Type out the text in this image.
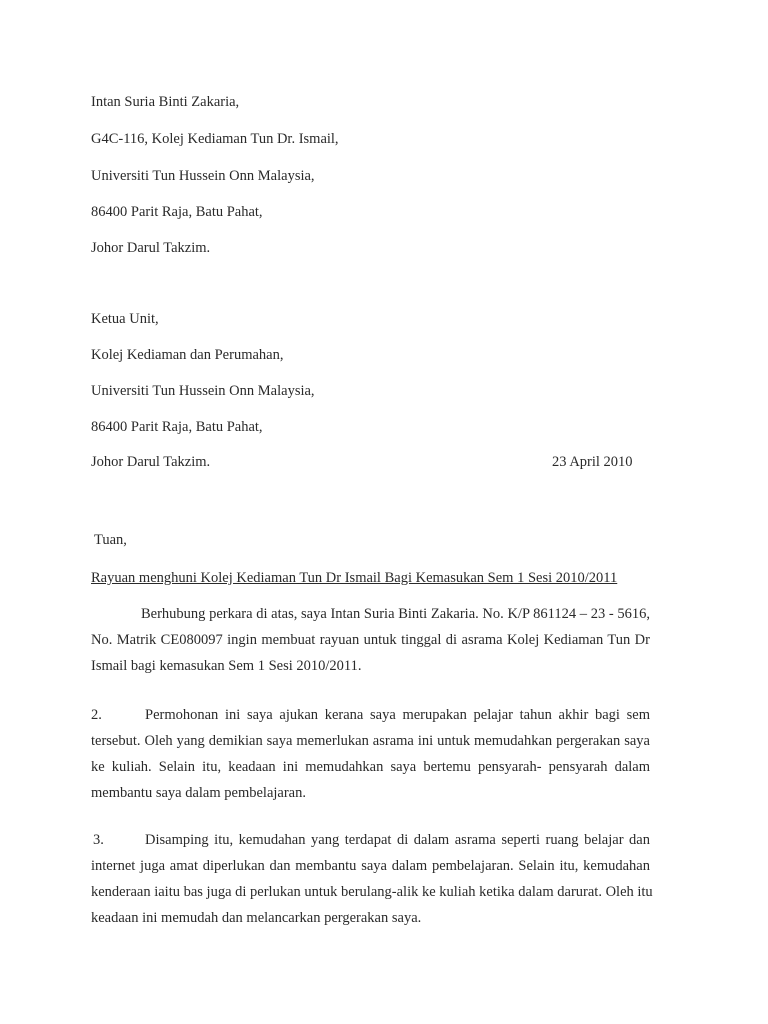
Intan Suria Binti Zakaria,
G4C-116, Kolej Kediaman Tun Dr. Ismail,
Universiti Tun Hussein Onn Malaysia,
86400 Parit Raja, Batu Pahat,
Johor Darul Takzim.
Ketua Unit,
Kolej Kediaman dan Perumahan,
Universiti Tun Hussein Onn Malaysia,
86400 Parit Raja, Batu Pahat,
Johor Darul Takzim.	23 April 2010
Tuan,
Rayuan menghuni Kolej Kediaman Tun Dr Ismail Bagi Kemasukan Sem 1 Sesi 2010/2011
Berhubung perkara di atas, saya Intan Suria Binti Zakaria. No. K/P 861124 – 23 - 5616,
No. Matrik CE080097 ingin membuat rayuan untuk tinggal di asrama Kolej Kediaman Tun Dr
Ismail bagi kemasukan Sem 1 Sesi 2010/2011.
2.	Permohonan ini saya ajukan kerana saya merupakan pelajar tahun akhir bagi sem
tersebut. Oleh yang demikian saya memerlukan asrama ini untuk memudahkan pergerakan saya
ke kuliah. Selain itu, keadaan ini memudahkan saya bertemu pensyarah- pensyarah dalam
membantu saya dalam pembelajaran.
3.	Disamping itu, kemudahan yang terdapat di dalam asrama seperti ruang belajar dan
internet juga amat diperlukan dan membantu saya dalam pembelajaran. Selain itu, kemudahan
kenderaan iaitu bas juga di perlukan untuk berulang-alik ke kuliah ketika dalam darurat. Oleh itu
keadaan ini memudah dan melancarkan pergerakan saya.
